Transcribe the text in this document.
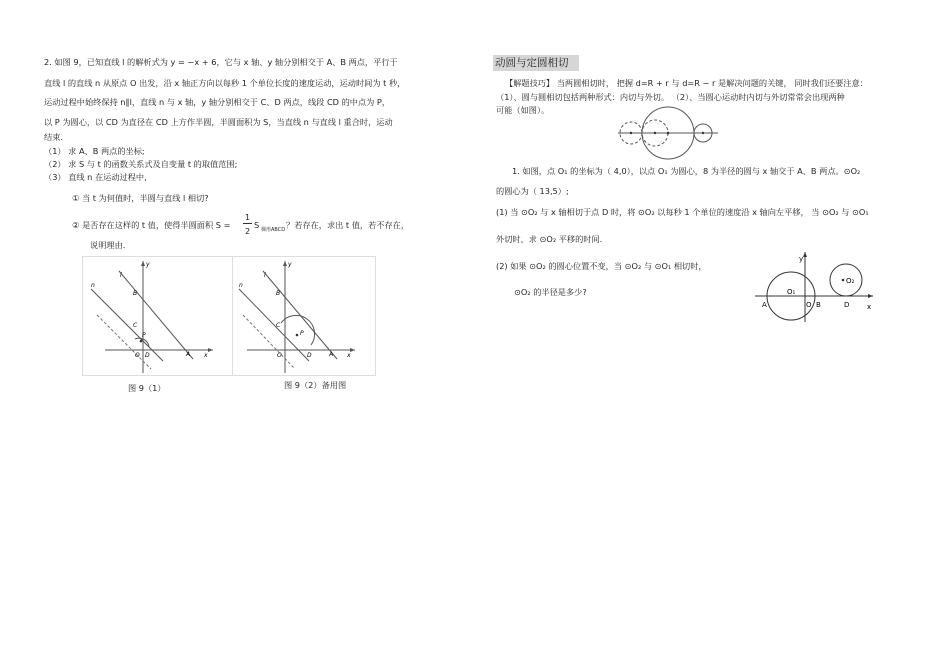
2. 如图 9，已知直线 l 的解析式为 y = −x + 6，它与 x 轴、y 轴分别相交于 A、B 两点，平行于
直线 l 的直线 n 从原点 O 出发，沿 x 轴正方向以每秒 1 个单位长度的速度运动，运动时间为 t 秒，
运动过程中始终保持 n∥l，直线 n 与 x 轴，y 轴分别相交于 C、D 两点，线段 CD 的中点为 P，
以 P 为圆心，以 CD 为直径在 CD 上方作半圆，半圆面积为 S，当直线 n 与直线 l 重合时，运动
结束.
（1） 求 A、B 两点的坐标;
（2） 求 S 与 t 的函数关系式及自变量 t 的取值范围;
（3） 直线 n 在运动过程中,
① 当 t 为何值时，半圆与直线 l 相切?
② 是否存在这样的 t 值，使得半圆面积 S =
1
2
S 梯形ABCD ？若存在，求出 t 值，若不存在，
说明理由.
y
l
n
B
C
P
O D	A x
图 9（1）
y
l
n
B
C
P
O	D	A x
图 9（2）备用图
动圆与定圆相切
【解题技巧】 当两圆相切时， 把握 d=R + r 与 d=R − r 是解决问题的关键， 同时我们还要注意：
（1）、圆与圆相切包括两种形式：内切与外切。 （2）、当圆心运动时内切与外切常常会出现两种
可能（如图）。
1. 如图，点 O₁ 的坐标为（ 4,0），以点 O₁ 为圆心，8 为半径的圆与 x 轴交于 A、B 两点。⊙O₂
的圆心为（ 13,5）;
(1) 当 ⊙O₂ 与 x 轴相切于点 D 时，将 ⊙O₂ 以每秒 1 个单位的速度沿 x 轴向左平移， 当 ⊙O₂ 与 ⊙O₁
外切时，求 ⊙O₂ 平移的时间.
(2) 如果 ⊙O₂ 的圆心位置不变，当 ⊙O₂ 与 ⊙O₁ 相切时，
⊙O₂ 的半径是多少?
y
O₁
O₂
A	O B	D	x
